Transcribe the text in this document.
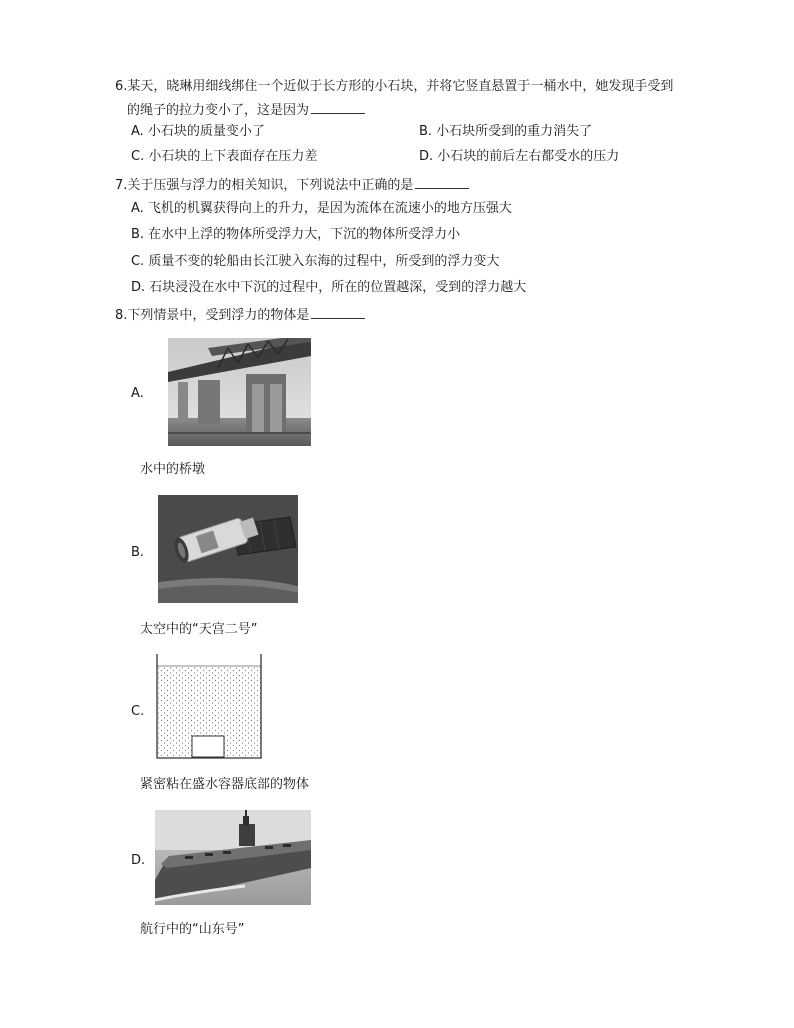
6.某天，晓琳用细线绑住一个近似于长方形的小石块，并将它竖直悬置于一桶水中，她发现手受到
的绳子的拉力变小了，这是因为
A. 小石块的质量变小了	B. 小石块所受到的重力消失了
C. 小石块的上下表面存在压力差	D. 小石块的前后左右都受水的压力
7.关于压强与浮力的相关知识，下列说法中正确的是
A. 飞机的机翼获得向上的升力，是因为流体在流速小的地方压强大
B. 在水中上浮的物体所受浮力大，下沉的物体所受浮力小
C. 质量不变的轮船由长江驶入东海的过程中，所受到的浮力变大
D. 石块浸没在水中下沉的过程中，所在的位置越深，受到的浮力越大
8.下列情景中，受到浮力的物体是
A.
水中的桥墩
B.
太空中的“天宫二号”
C.
紧密粘在盛水容器底部的物体
D.
航行中的“山东号”
